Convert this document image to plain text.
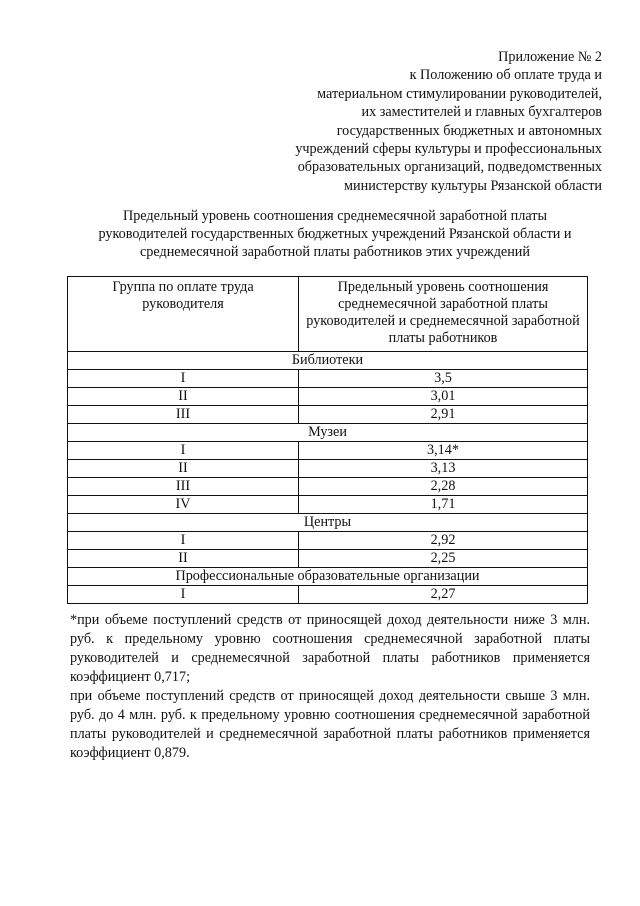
Приложение № 2
к Положению об оплате труда и
материальном стимулировании руководителей,
их заместителей и главных бухгалтеров
государственных бюджетных и автономных
учреждений сферы культуры и профессиональных
образовательных организаций, подведомственных
министерству культуры Рязанской области
Предельный уровень соотношения среднемесячной заработной платы
руководителей государственных бюджетных учреждений Рязанской области и
среднемесячной заработной платы работников этих учреждений
Группа по оплате труда руководителя	Предельный уровень соотношения среднемесячной заработной платы руководителей и среднемесячной заработной платы работников
Библиотеки	
I	3,5
II	3,01
III	2,91
Музеи	
I	3,14*
II	3,13
III	2,28
IV	1,71
Центры	
I	2,92
II	2,25
Профессиональные образовательные организации	
I	2,27

*при объеме поступлений средств от приносящей доход деятельности ниже 3 млн. руб. к предельному уровню соотношения среднемесячной заработной платы руководителей и среднемесячной заработной платы работников применяется коэффициент 0,717;

при объеме поступлений средств от приносящей доход деятельности свыше 3 млн. руб. до 4 млн. руб. к предельному уровню соотношения среднемесячной заработной платы руководителей и среднемесячной заработной платы работников применяется коэффициент 0,879.
